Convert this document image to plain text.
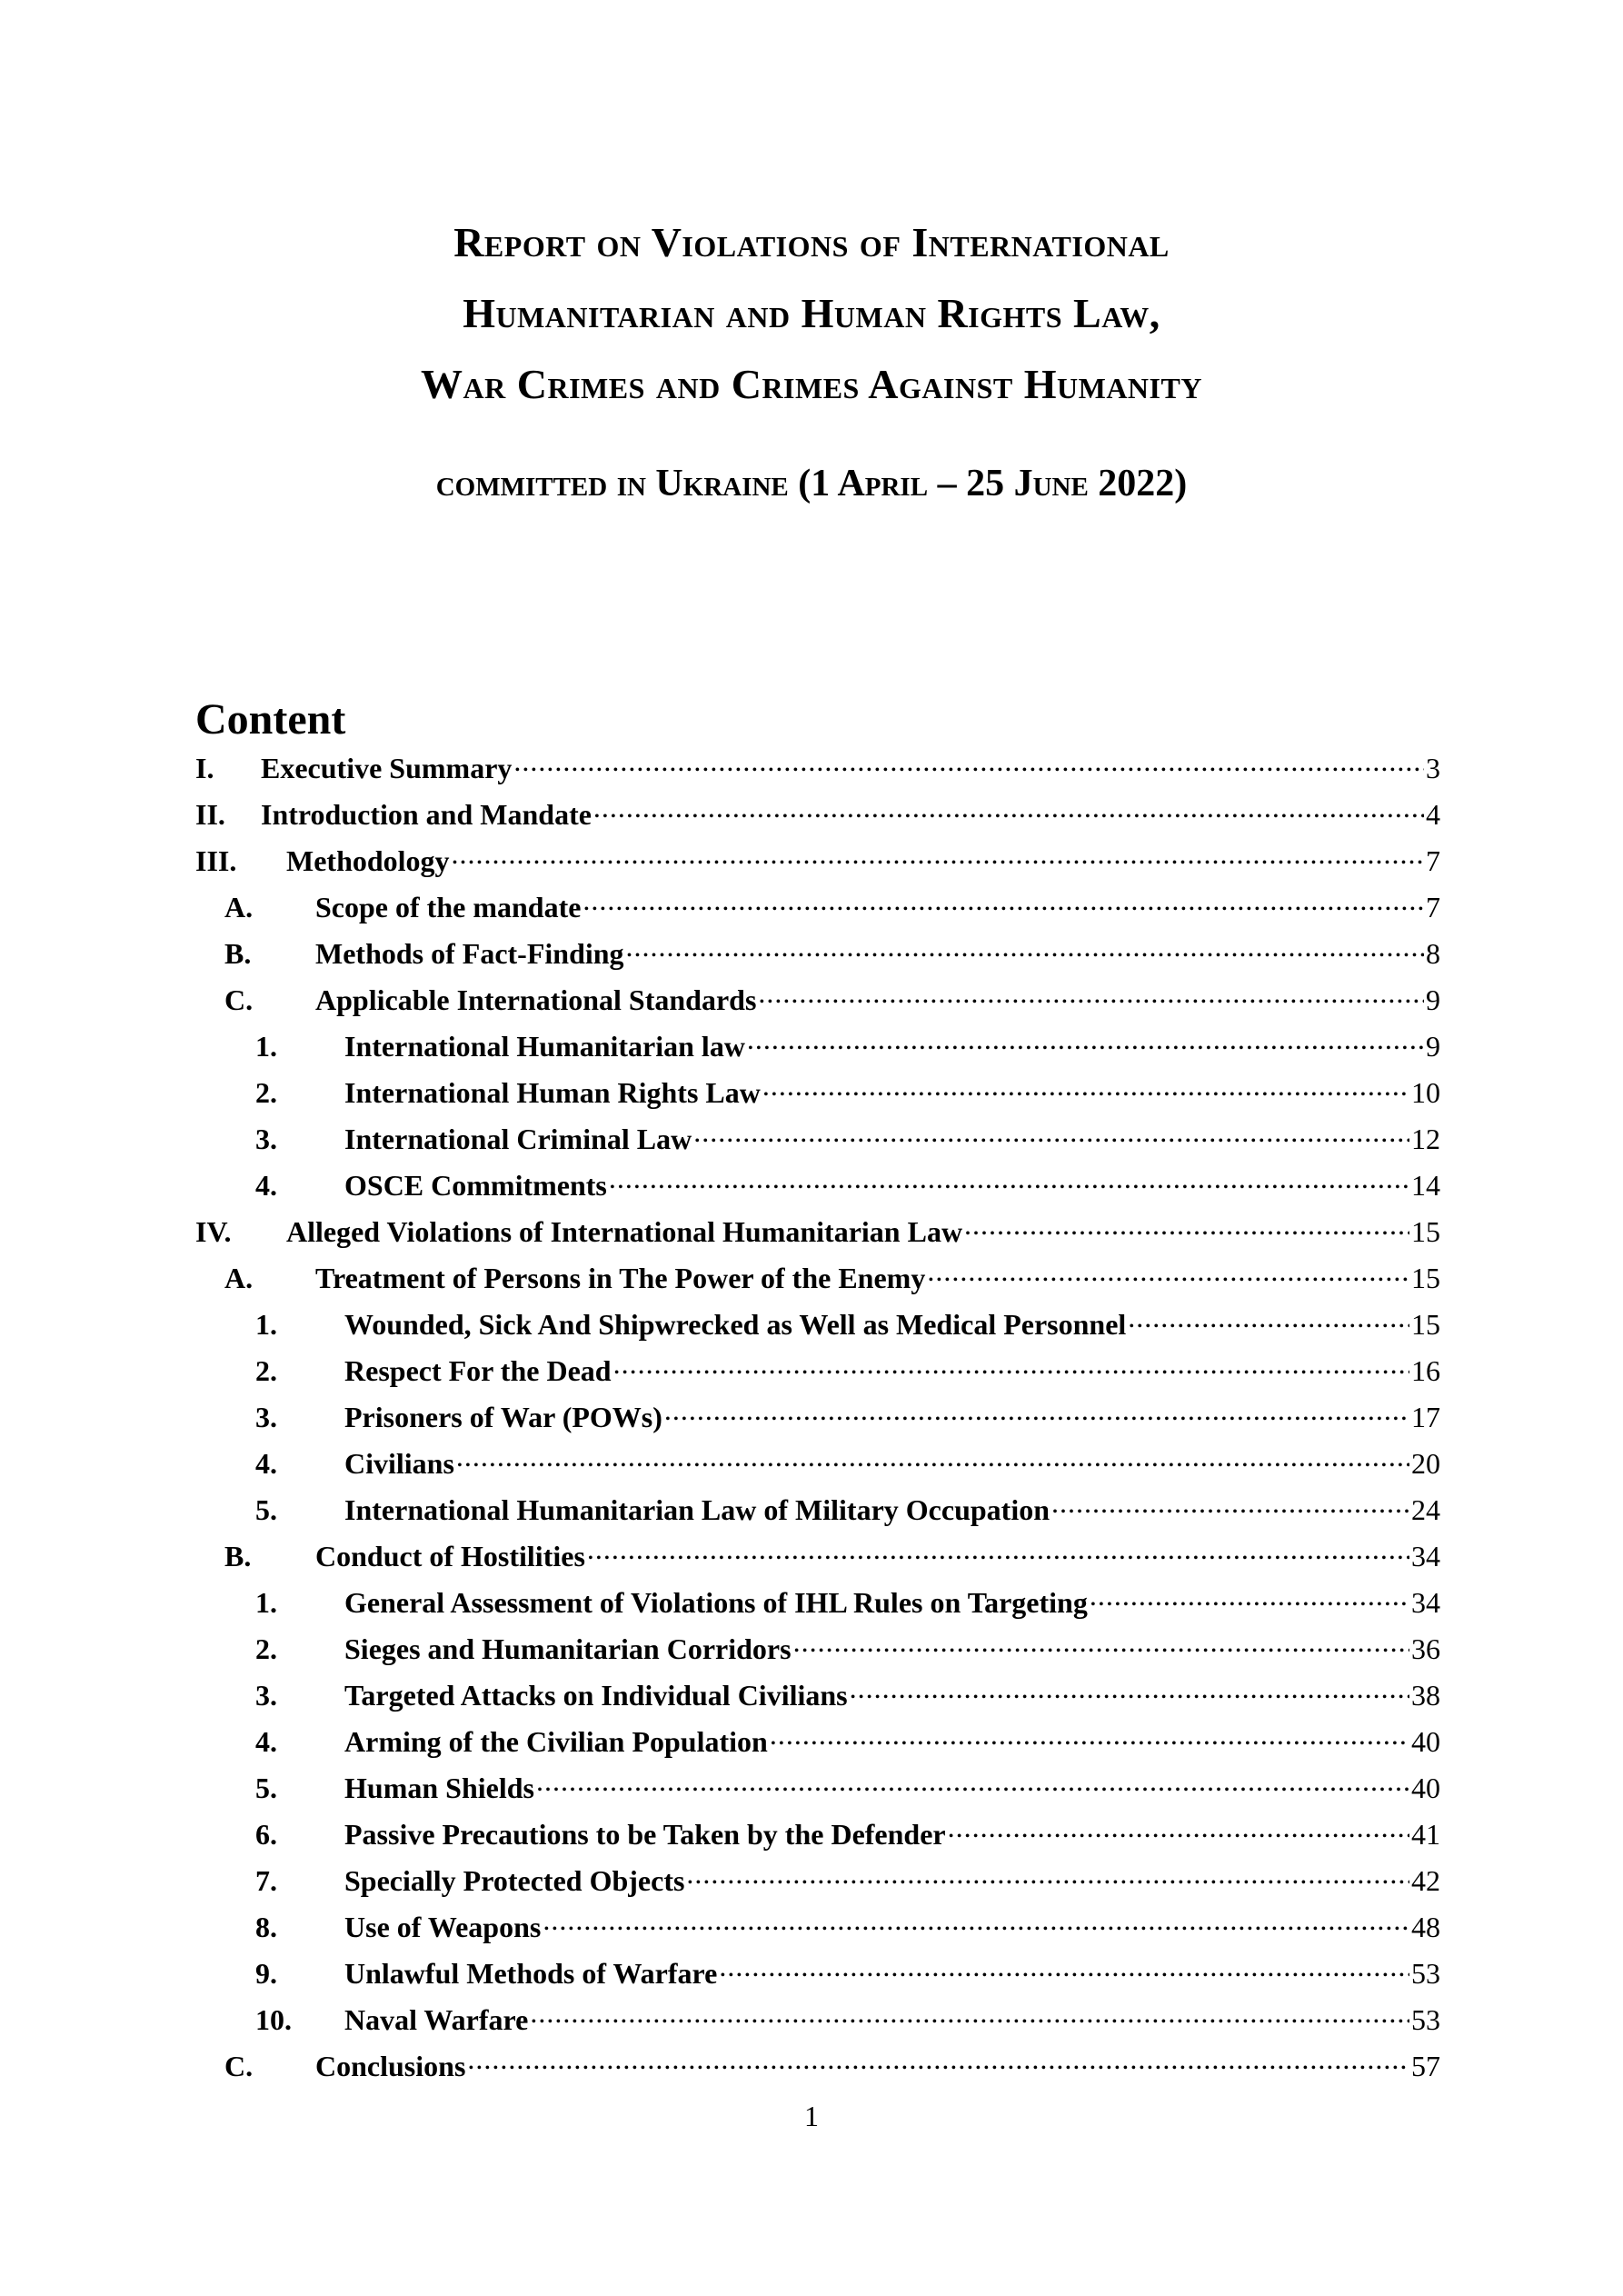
Report on Violations of International
Humanitarian and Human Rights Law,
War Crimes and Crimes Against Humanity
committed in Ukraine (1 April – 25 June 2022)
Content
I.	Executive Summary .....	3
II.	Introduction and Mandate .....	4
III.	Methodology .....	7
A.	Scope of the mandate .....	7
B.	Methods of Fact-Finding .....	8
C.	Applicable International Standards .....	9
1.	International Humanitarian law .....	9
2.	International Human Rights Law .....	10
3.	International Criminal Law .....	12
4.	OSCE Commitments .....	14
IV.	Alleged Violations of International Humanitarian Law .....	15
A.	Treatment of Persons in The Power of the Enemy .....	15
1.	Wounded, Sick And Shipwrecked as Well as Medical Personnel .....	15
2.	Respect For the Dead .....	16
3.	Prisoners of War (POWs) .....	17
4.	Civilians .....	20
5.	International Humanitarian Law of Military Occupation .....	24
B.	Conduct of Hostilities .....	34
1.	General Assessment of Violations of IHL Rules on Targeting .....	34
2.	Sieges and Humanitarian Corridors .....	36
3.	Targeted Attacks on Individual Civilians .....	38
4.	Arming of the Civilian Population .....	40
5.	Human Shields .....	40
6.	Passive Precautions to be Taken by the Defender .....	41
7.	Specially Protected Objects .....	42
8.	Use of Weapons .....	48
9.	Unlawful Methods of Warfare .....	53
10.	Naval Warfare .....	53
C.	Conclusions .....	57
1
